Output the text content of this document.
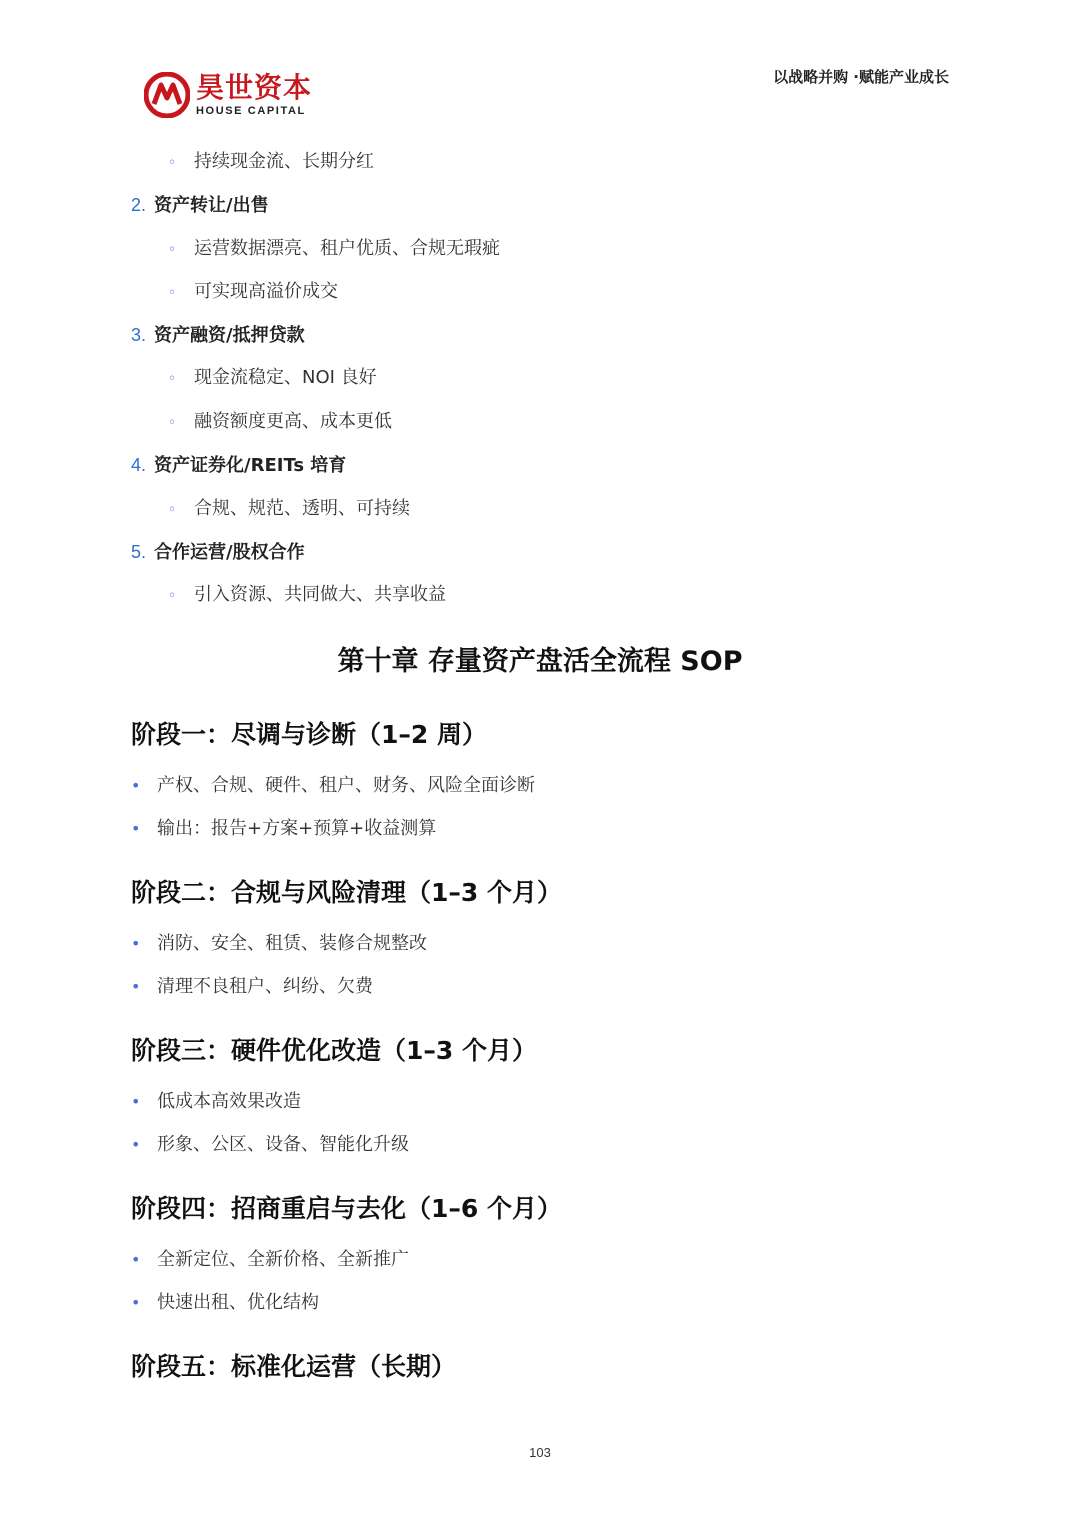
昊世资本
HOUSE CAPITAL
以战略并购 ·赋能产业成长
◦ 持续现金流、长期分红
2. 资产转让/出售
◦ 运营数据漂亮、租户优质、合规无瑕疵
◦ 可实现高溢价成交
3. 资产融资/抵押贷款
◦ 现金流稳定、NOI 良好
◦ 融资额度更高、成本更低
4. 资产证券化/REITs 培育
◦ 合规、规范、透明、可持续
5. 合作运营/股权合作
◦ 引入资源、共同做大、共享收益
第十章 存量资产盘活全流程 SOP
阶段一：尽调与诊断（1–2 周）
• 产权、合规、硬件、租户、财务、风险全面诊断
• 输出：报告+方案+预算+收益测算
阶段二：合规与风险清理（1–3 个月）
• 消防、安全、租赁、装修合规整改
• 清理不良租户、纠纷、欠费
阶段三：硬件优化改造（1–3 个月）
• 低成本高效果改造
• 形象、公区、设备、智能化升级
阶段四：招商重启与去化（1–6 个月）
• 全新定位、全新价格、全新推广
• 快速出租、优化结构
阶段五：标准化运营（长期）
103
